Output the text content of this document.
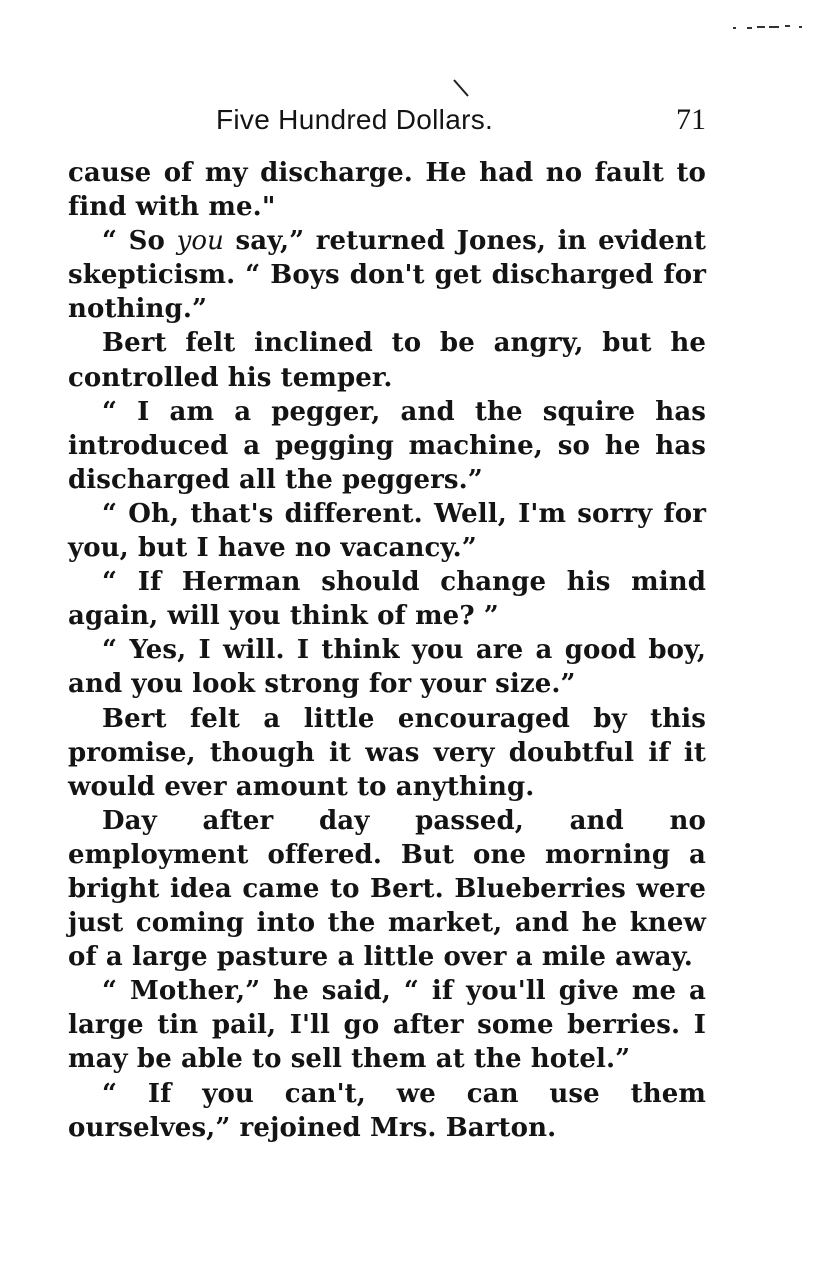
Five Hundred Dollars.	71

cause of my discharge. He had no fault to find with me."

“ So you say,” returned Jones, in evident skepticism. “ Boys don't get discharged for nothing.”

Bert felt inclined to be angry, but he controlled his temper.

“ I am a pegger, and the squire has introduced a pegging machine, so he has discharged all the peggers.”

“ Oh, that's different. Well, I'm sorry for you, but I have no vacancy.”

“ If Herman should change his mind again, will you think of me? ”

“ Yes, I will. I think you are a good boy, and you look strong for your size.”

Bert felt a little encouraged by this promise, though it was very doubtful if it would ever amount to anything.

Day after day passed, and no employment offered. But one morning a bright idea came to Bert. Blueberries were just coming into the market, and he knew of a large pasture a little over a mile away.

“ Mother,” he said, “ if you'll give me a large tin pail, I'll go after some berries. I may be able to sell them at the hotel.”

“ If you can't, we can use them ourselves,” rejoined Mrs. Barton.
